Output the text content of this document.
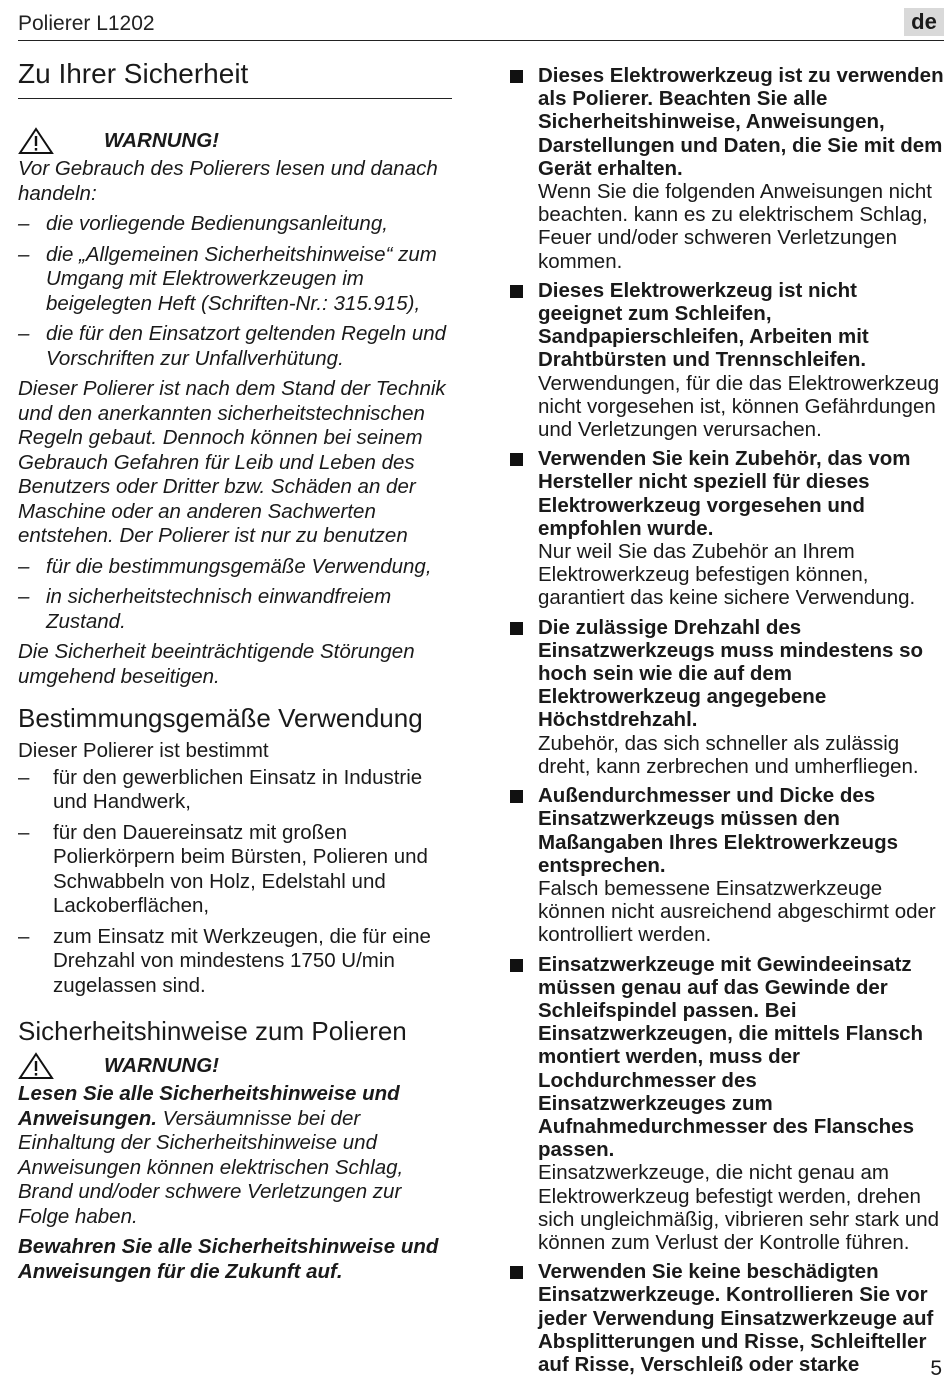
Polierer L1202	de
Zu Ihrer Sicherheit
WARNUNG!
Vor Gebrauch des Polierers lesen und danach handeln:
– die vorliegende Bedienungsanleitung,
– die „Allgemeinen Sicherheitshinweise“ zum Umgang mit Elektrowerkzeugen im beigelegten Heft (Schriften-Nr.: 315.915),
– die für den Einsatzort geltenden Regeln und Vorschriften zur Unfallverhütung.
Dieser Polierer ist nach dem Stand der Technik und den anerkannten sicherheitstechnischen Regeln gebaut. Dennoch können bei seinem Gebrauch Gefahren für Leib und Leben des Benutzers oder Dritter bzw. Schäden an der Maschine oder an anderen Sachwerten entstehen. Der Polierer ist nur zu benutzen
– für die bestimmungsgemäße Verwendung,
– in sicherheitstechnisch einwandfreiem Zustand.
Die Sicherheit beeinträchtigende Störungen umgehend beseitigen.
Bestimmungsgemäße Verwendung
Dieser Polierer ist bestimmt
–	für den gewerblichen Einsatz in Industrie und Handwerk,
–	für den Dauereinsatz mit großen Polierkörpern beim Bürsten, Polieren und Schwabbeln von Holz, Edelstahl und Lackoberflächen,
–	zum Einsatz mit Werkzeugen, die für eine Drehzahl von mindestens 1750 U/min zugelassen sind.
Sicherheitshinweise zum Polieren
WARNUNG!
Lesen Sie alle Sicherheitshinweise und Anweisungen. Versäumnisse bei der Einhaltung der Sicherheitshinweise und Anweisungen können elektrischen Schlag, Brand und/oder schwere Verletzungen zur Folge haben.
Bewahren Sie alle Sicherheitshinweise und Anweisungen für die Zukunft auf.
Dieses Elektrowerkzeug ist zu verwenden als Polierer. Beachten Sie alle Sicherheitshinweise, Anweisungen, Darstellungen und Daten, die Sie mit dem Gerät erhalten.
Wenn Sie die folgenden Anweisungen nicht beachten. kann es zu elektrischem Schlag, Feuer und/oder schweren Verletzungen kommen.
Dieses Elektrowerkzeug ist nicht geeignet zum Schleifen, Sandpapierschleifen, Arbeiten mit Drahtbürsten und Trennschleifen.
Verwendungen, für die das Elektrowerkzeug nicht vorgesehen ist, können Gefährdungen und Verletzungen verursachen.
Verwenden Sie kein Zubehör, das vom Hersteller nicht speziell für dieses Elektrowerkzeug vorgesehen und empfohlen wurde.
Nur weil Sie das Zubehör an Ihrem Elektrowerkzeug befestigen können, garantiert das keine sichere Verwendung.
Die zulässige Drehzahl des Einsatzwerkzeugs muss mindestens so hoch sein wie die auf dem Elektrowerkzeug angegebene Höchstdrehzahl.
Zubehör, das sich schneller als zulässig dreht, kann zerbrechen und umherfliegen.
Außendurchmesser und Dicke des Einsatzwerkzeugs müssen den Maßangaben Ihres Elektrowerkzeugs entsprechen.
Falsch bemessene Einsatzwerkzeuge können nicht ausreichend abgeschirmt oder kontrolliert werden.
Einsatzwerkzeuge mit Gewindeeinsatz müssen genau auf das Gewinde der Schleifspindel passen. Bei Einsatzwerkzeugen, die mittels Flansch montiert werden, muss der Lochdurchmesser des Einsatzwerkzeuges zum Aufnahmedurchmesser des Flansches passen.
Einsatzwerkzeuge, die nicht genau am Elektrowerkzeug befestigt werden, drehen sich ungleichmäßig, vibrieren sehr stark und können zum Verlust der Kontrolle führen.
Verwenden Sie keine beschädigten Einsatzwerkzeuge. Kontrollieren Sie vor jeder Verwendung Einsatzwerkzeuge auf Absplitterungen und Risse, Schleifteller auf Risse, Verschleiß oder starke	5
